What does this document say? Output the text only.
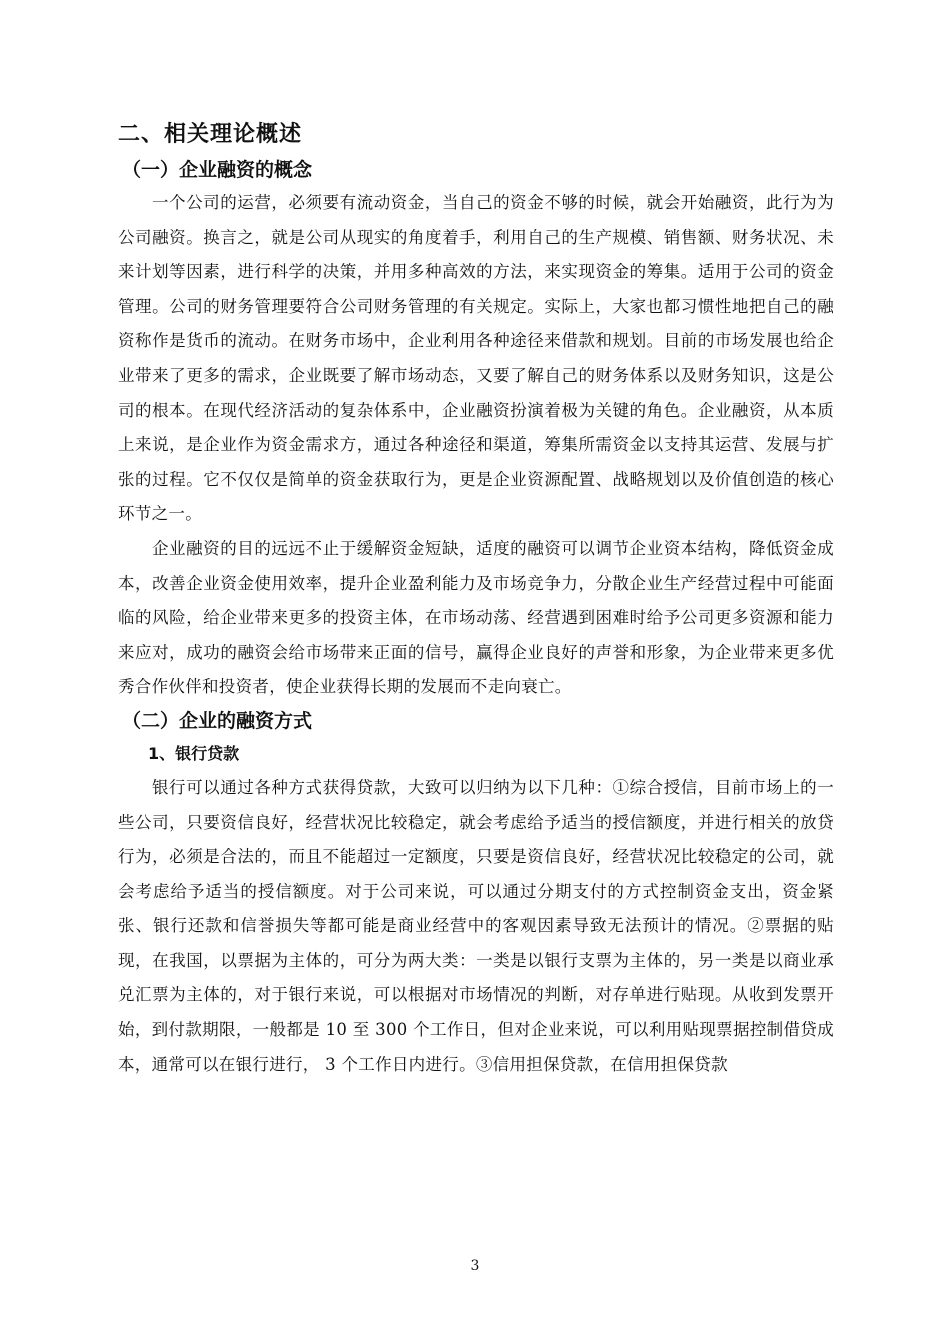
二、相关理论概述
（一）企业融资的概念

一个公司的运营，必须要有流动资金，当自己的资金不够的时候，就会开始融资，此行为为公司融资。换言之，就是公司从现实的角度着手，利用自己的生产规模、销售额、财务状况、未来计划等因素，进行科学的决策，并用多种高效的方法，来实现资金的筹集。适用于公司的资金管理。公司的财务管理要符合公司财务管理的有关规定。实际上，大家也都习惯性地把自己的融资称作是货币的流动。在财务市场中，企业利用各种途径来借款和规划。目前的市场发展也给企业带来了更多的需求，企业既要了解市场动态，又要了解自己的财务体系以及财务知识，这是公司的根本。在现代经济活动的复杂体系中，企业融资扮演着极为关键的角色。企业融资，从本质上来说，是企业作为资金需求方，通过各种途径和渠道，筹集所需资金以支持其运营、发展与扩张的过程。它不仅仅是简单的资金获取行为，更是企业资源配置、战略规划以及价值创造的核心环节之一。

企业融资的目的远远不止于缓解资金短缺，适度的融资可以调节企业资本结构，降低资金成本，改善企业资金使用效率，提升企业盈利能力及市场竞争力，分散企业生产经营过程中可能面临的风险，给企业带来更多的投资主体，在市场动荡、经营遇到困难时给予公司更多资源和能力来应对，成功的融资会给市场带来正面的信号，赢得企业良好的声誉和形象，为企业带来更多优秀合作伙伴和投资者，使企业获得长期的发展而不走向衰亡。

（二）企业的融资方式
1、银行贷款

银行可以通过各种方式获得贷款，大致可以归纳为以下几种：①综合授信，目前市场上的一些公司，只要资信良好，经营状况比较稳定，就会考虑给予适当的授信额度，并进行相关的放贷行为，必须是合法的，而且不能超过一定额度，只要是资信良好，经营状况比较稳定的公司，就会考虑给予适当的授信额度。对于公司来说，可以通过分期支付的方式控制资金支出，资金紧张、银行还款和信誉损失等都可能是商业经营中的客观因素导致无法预计的情况。②票据的贴现，在我国，以票据为主体的，可分为两大类：一类是以银行支票为主体的，另一类是以商业承兑汇票为主体的，对于银行来说，可以根据对市场情况的判断，对存单进行贴现。从收到发票开始，到付款期限，一般都是 10 至 300 个工作日，但对企业来说，可以利用贴现票据控制借贷成本，通常可以在银行进行， 3 个工作日内进行。③信用担保贷款，在信用担保贷款

3
